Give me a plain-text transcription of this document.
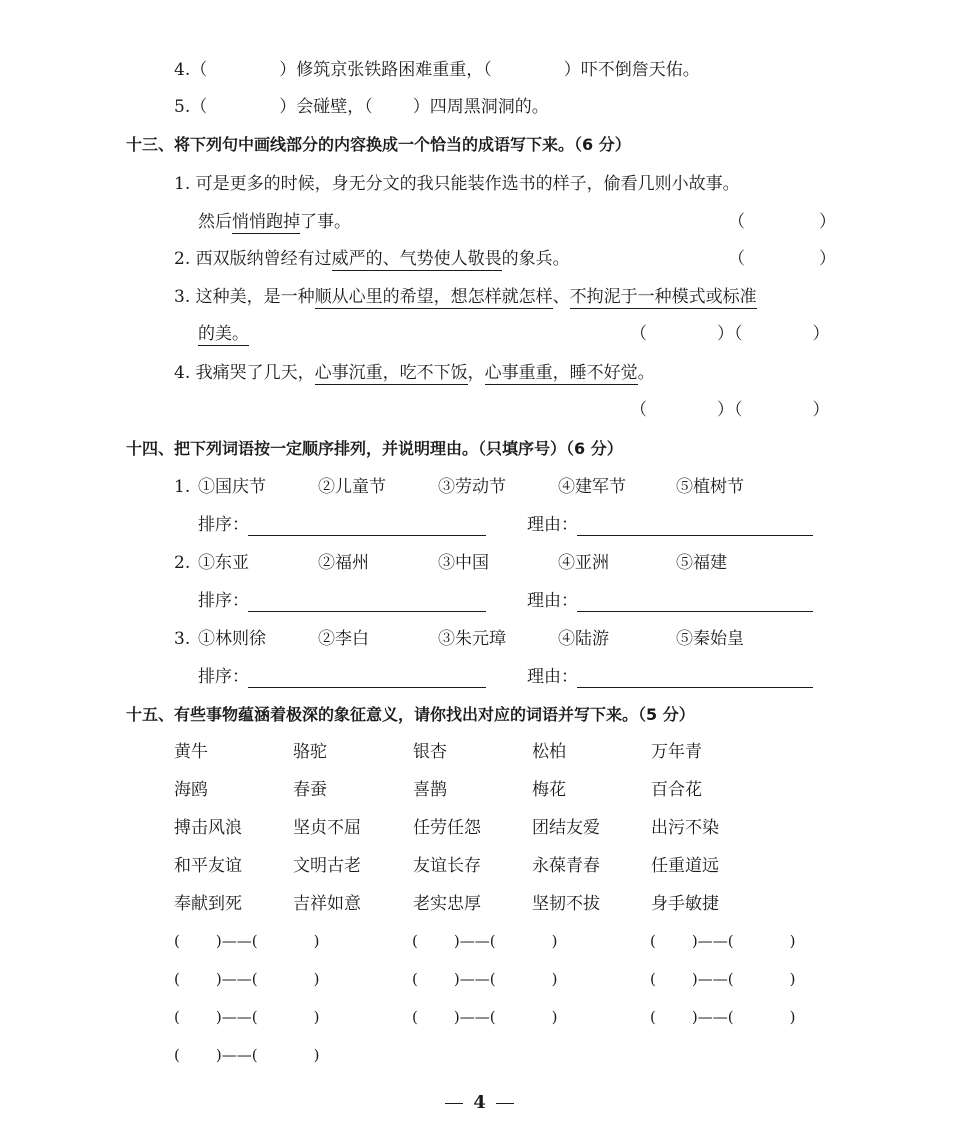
4.（	）修筑京张铁路困难重重，（	）吓不倒詹天佑。
5.（	）会碰壁，（ ）四周黑洞洞的。
十三、将下列句中画线部分的内容换成一个恰当的成语写下来。（6 分）
1. 可是更多的时候，身无分文的我只能装作选书的样子，偷看几则小故事。
然后悄悄跑掉了事。	（	）
2. 西双版纳曾经有过威严的、气势使人敬畏的象兵。	（	）
3. 这种美，是一种顺从心里的希望，想怎样就怎样、不拘泥于一种模式或标准
的美。	（	）（	）
4. 我痛哭了几天，心事沉重，吃不下饭，心事重重，睡不好觉。
（	）（	）
十四、把下列词语按一定顺序排列，并说明理由。（只填序号）（6 分）
1. ①国庆节	②儿童节	③劳动节	④建军节	⑤植树节
排序：	理由：
2. ①东亚	②福州	③中国	④亚洲	⑤福建
排序：	理由：
3. ①林则徐	②李白	③朱元璋	④陆游	⑤秦始皇
排序：	理由：
十五、有些事物蕴涵着极深的象征意义，请你找出对应的词语并写下来。（5 分）
黄牛	骆驼	银杏	松柏	万年青
海鸥	春蚕	喜鹊	梅花	百合花
搏击风浪	坚贞不屈	任劳任怨	团结友爱	出污不染
和平友谊	文明古老	友谊长存	永葆青春	任重道远
奉献到死	吉祥如意	老实忠厚	坚韧不拔	身手敏捷
( )——(	)	( )——(	)	( )——(	)
( )——(	)	( )——(	)	( )——(	)
( )——(	)	( )——(	)	( )——(	)
( )——(	)
4
